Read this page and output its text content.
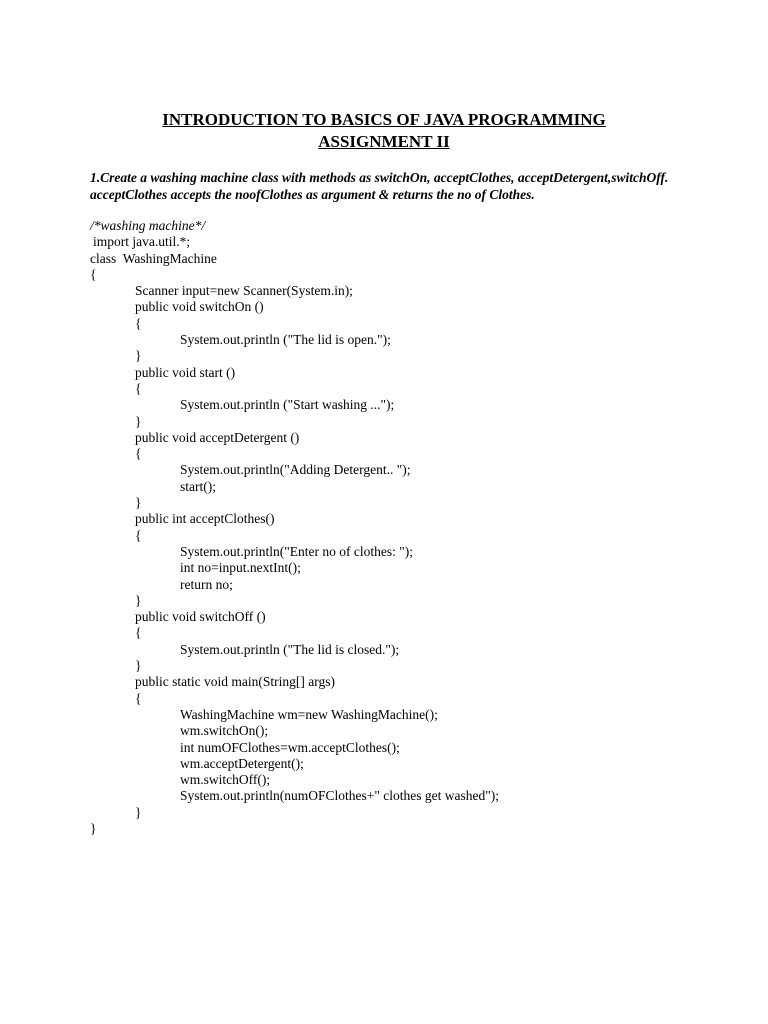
INTRODUCTION TO BASICS OF JAVA PROGRAMMING
ASSIGNMENT II

1.Create a washing machine class with methods as switchOn, acceptClothes, acceptDetergent,switchOff. acceptClothes accepts the noofClothes as argument & returns the no of Clothes.

/*washing machine*/
import java.util.*;
class  WashingMachine
{
Scanner input=new Scanner(System.in);
public void switchOn ()
{
System.out.println ("The lid is open.");
}
public void start ()
{
System.out.println ("Start washing ...");
}
public void acceptDetergent ()
{
System.out.println("Adding Detergent.. ");
start();
}
public int acceptClothes()
{
System.out.println("Enter no of clothes: ");
int no=input.nextInt();
return no;
}
public void switchOff ()
{
System.out.println ("The lid is closed.");
}
public static void main(String[] args)
{
WashingMachine wm=new WashingMachine();
wm.switchOn();
int numOFClothes=wm.acceptClothes();
wm.acceptDetergent();
wm.switchOff();
System.out.println(numOFClothes+" clothes get washed");
}
}
